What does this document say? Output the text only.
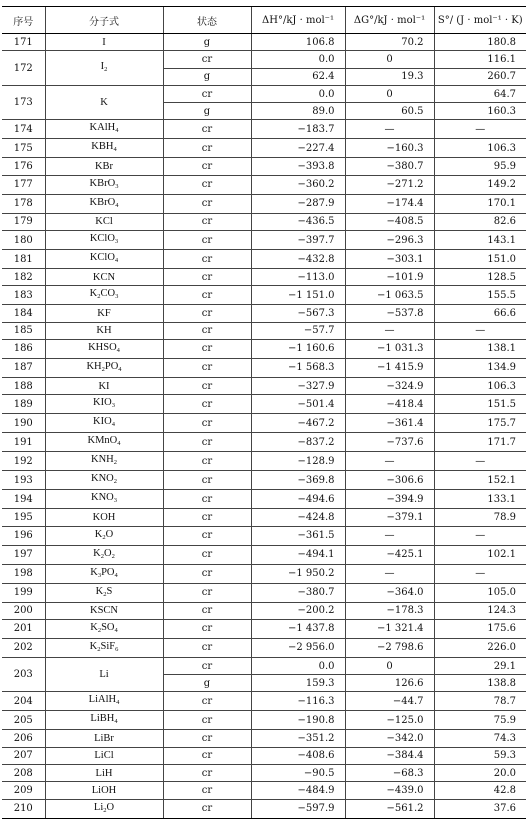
序号	分子式	状态	ΔH°/kJ · mol⁻¹	ΔG°/kJ · mol⁻¹	S°/ (J · mol⁻¹ · K)
171	I	g	106.8	70.2	180.8
172	$I_2$	cr	0.0	0	116.1
		g	62.4	19.3	260.7
173	K	cr	0.0	0	64.7
		g	89.0	60.5	160.3
174	KAlH$_4$	cr	−183.7	—	—
175	$KBH_4$	cr	−227.4	−160.3	106.3
176	KBr	cr	−393.8	−380.7	95.9
177	KBrO$_3$	cr	−360.2	−271.2	149.2
178	KBrO$_4$	cr	−287.9	−174.4	170.1
179	KCl	cr	−436.5	−408.5	82.6
180	KClO$_3$	cr	−397.7	−296.3	143.1
181	KClO$_4$	cr	−432.8	−303.1	151.0
182	KCN	cr	−113.0	−101.9	128.5
183	$K_2CO_3$	cr	−1 151.0	−1 063.5	155.5
184	KF	cr	−567.3	−537.8	66.6
185	KH	cr	−57.7	—	—
186	$KHSO_4$	cr	−1 160.6	−1 031.3	138.1
187	$KH_2PO_4$	cr	−1 568.3	−1 415.9	134.9
188	KI	cr	−327.9	−324.9	106.3
189	$KIO_3$	cr	−501.4	−418.4	151.5
190	$KIO_4$	cr	−467.2	−361.4	175.7
191	KMnO$_4$	cr	−837.2	−737.6	171.7
192	$KNH_2$	cr	−128.9	—	—
193	$KNO_2$	cr	−369.8	−306.6	152.1
194	$KNO_3$	cr	−494.6	−394.9	133.1
195	KOH	cr	−424.8	−379.1	78.9
196	$K_2O$	cr	−361.5	—	—
197	$K_2O_2$	cr	−494.1	−425.1	102.1
198	$K_3PO_4$	cr	−1 950.2	—	—
199	$K_2S$	cr	−380.7	−364.0	105.0
200	KSCN	cr	−200.2	−178.3	124.3
201	$K_2SO_4$	cr	−1 437.8	−1 321.4	175.6
202	$K_2SiF_6$	cr	−2 956.0	−2 798.6	226.0
203	Li	cr	0.0	0	29.1
		g	159.3	126.6	138.8
204	LiAlH$_4$	cr	−116.3	−44.7	78.7
205	LiBH$_4$	cr	−190.8	−125.0	75.9
206	LiBr	cr	−351.2	−342.0	74.3
207	LiCl	cr	−408.6	−384.4	59.3
208	LiH	cr	−90.5	−68.3	20.0
209	LiOH	cr	−484.9	−439.0	42.8
210	$Li_2O$	cr	−597.9	−561.2	37.6
